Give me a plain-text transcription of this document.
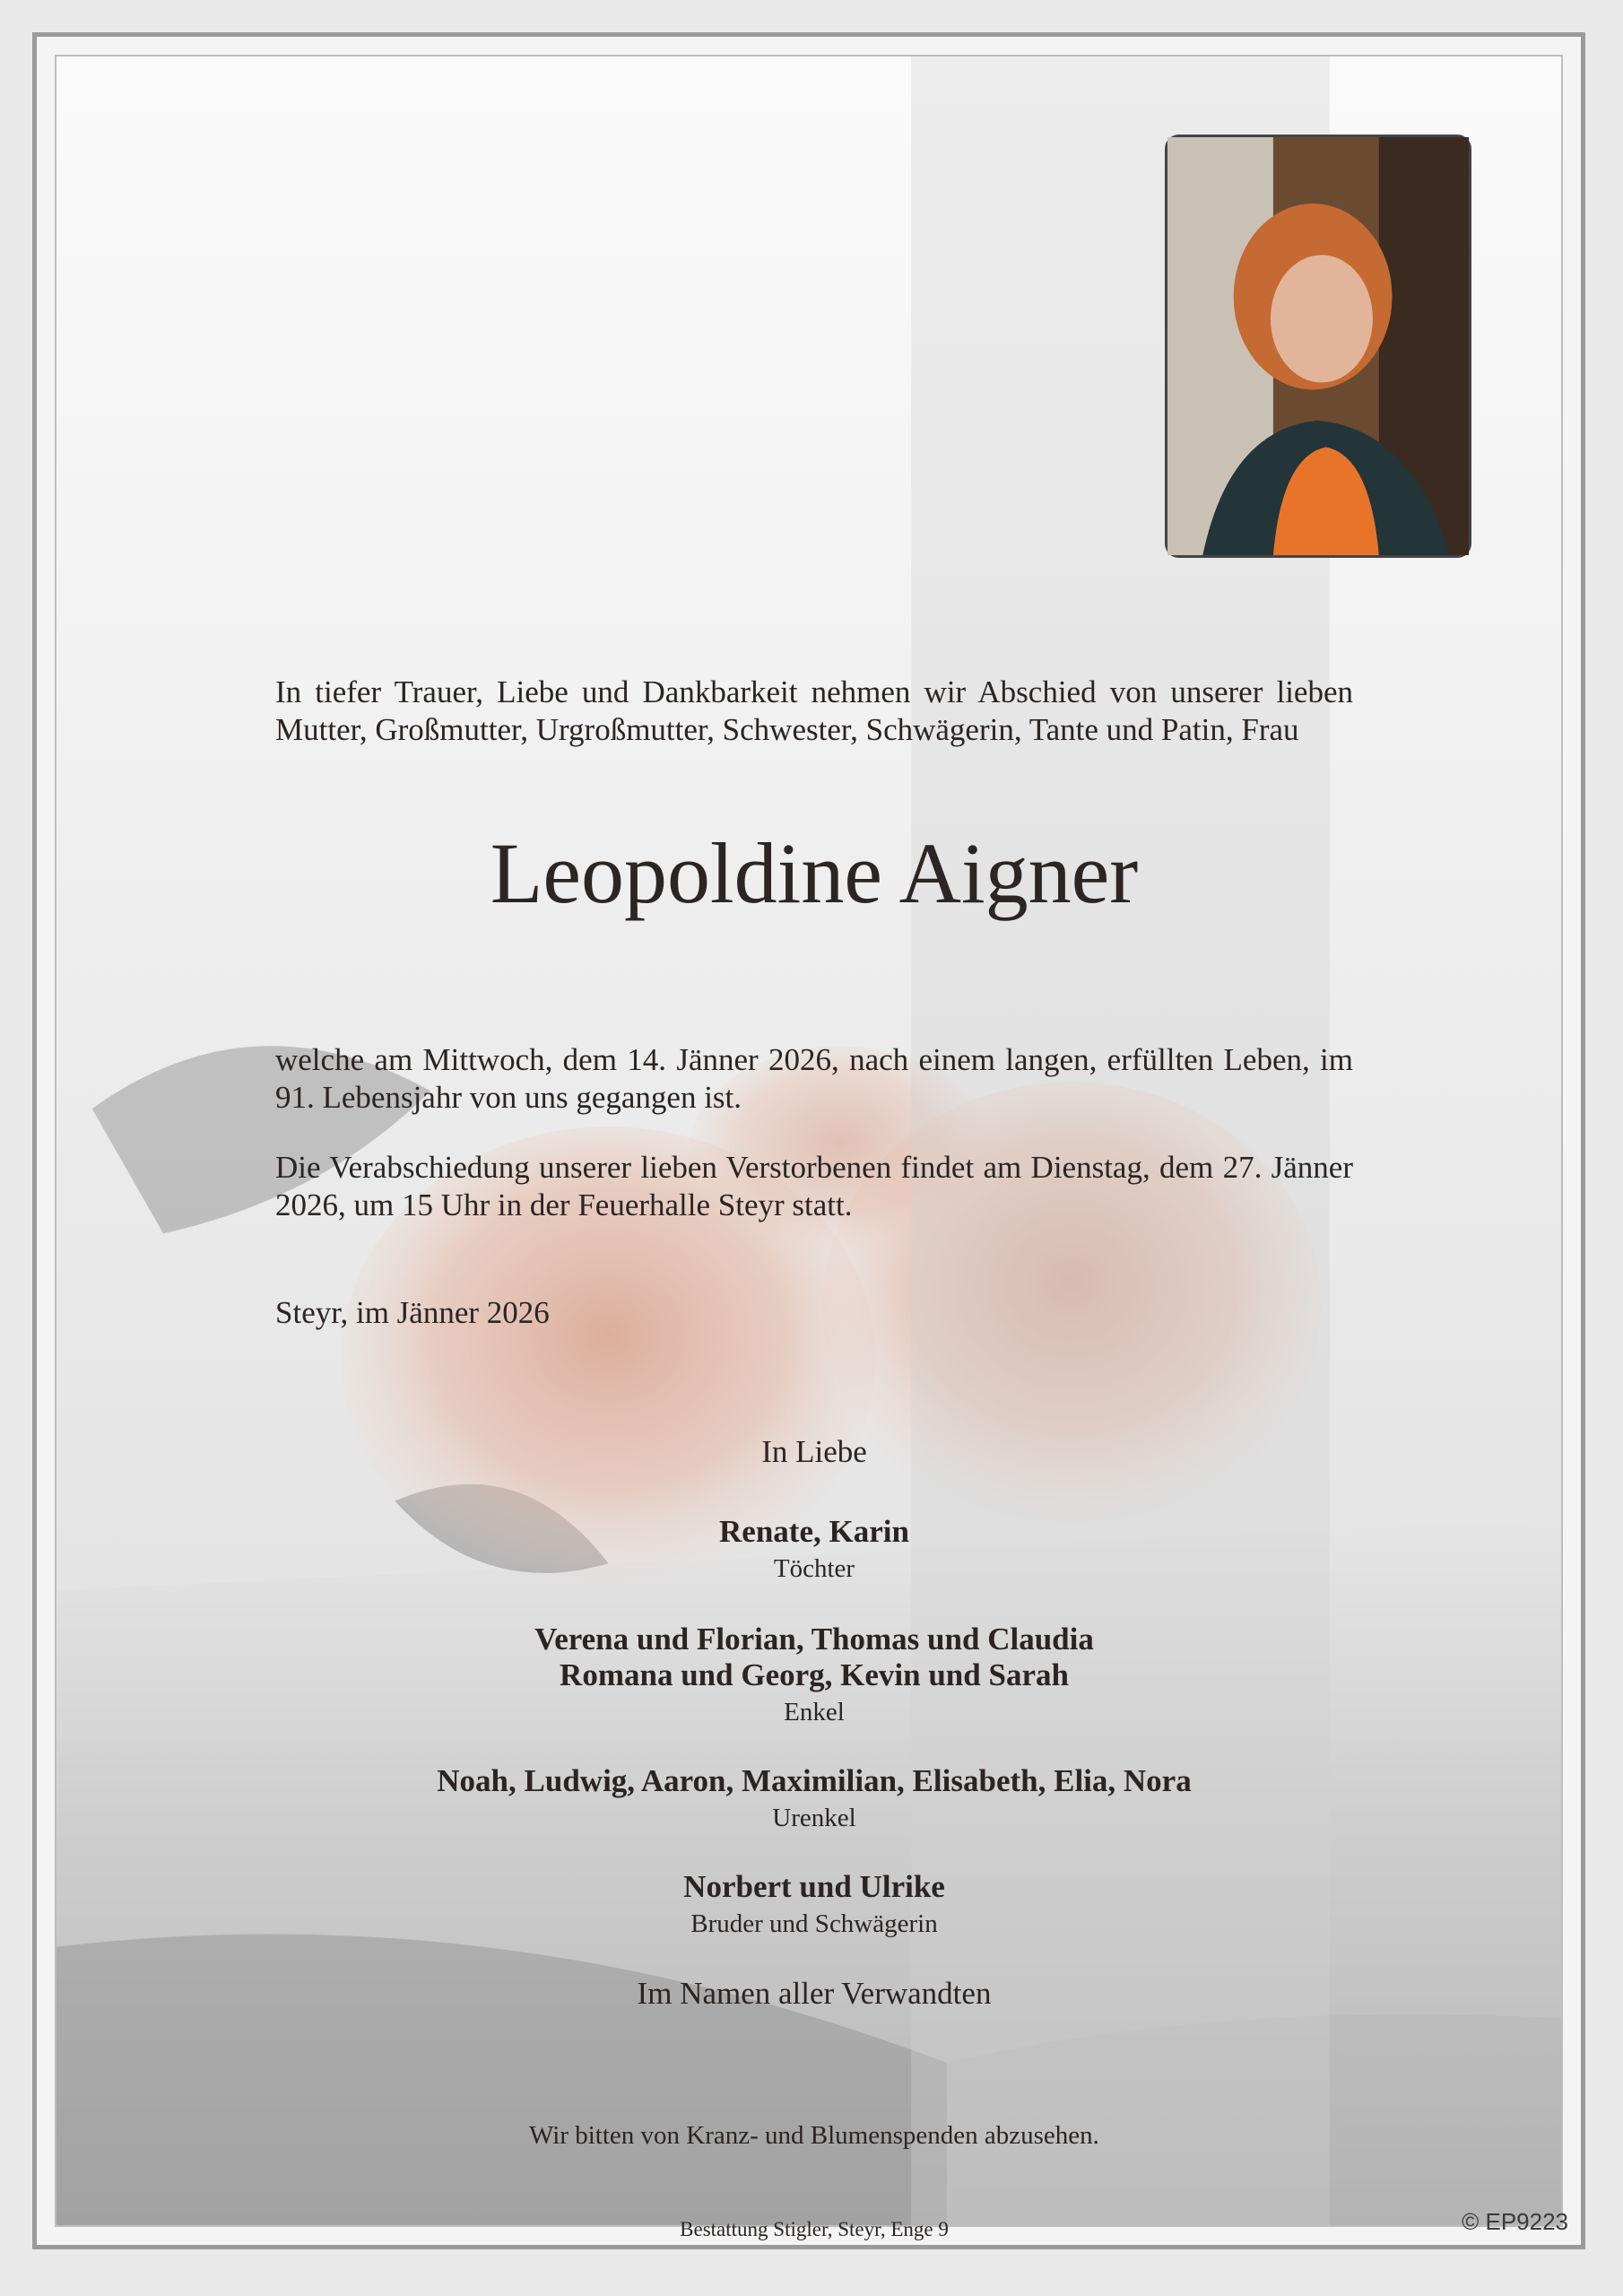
In tiefer Trauer, Liebe und Dankbarkeit nehmen wir Abschied von unserer lieben Mutter, Großmutter, Urgroßmutter, Schwester, Schwägerin, Tante und Patin, Frau

Leopoldine Aigner

welche am Mittwoch, dem 14. Jänner 2026, nach einem langen, erfüllten Leben, im 91. Lebensjahr von uns gegangen ist.

Die Verabschiedung unserer lieben Verstorbenen findet am Dienstag, dem 27. Jänner 2026, um 15 Uhr in der Feuerhalle Steyr statt.

Steyr, im Jänner 2026

In Liebe

Renate, Karin

Töchter

Verena und Florian, Thomas und Claudia

Romana und Georg, Kevin und Sarah

Enkel

Noah, Ludwig, Aaron, Maximilian, Elisabeth, Elia, Nora

Urenkel

Norbert und Ulrike

Bruder und Schwägerin

Im Namen aller Verwandten

Wir bitten von Kranz- und Blumenspenden abzusehen.

Bestattung Stigler, Steyr, Enge 9	© EP9223
